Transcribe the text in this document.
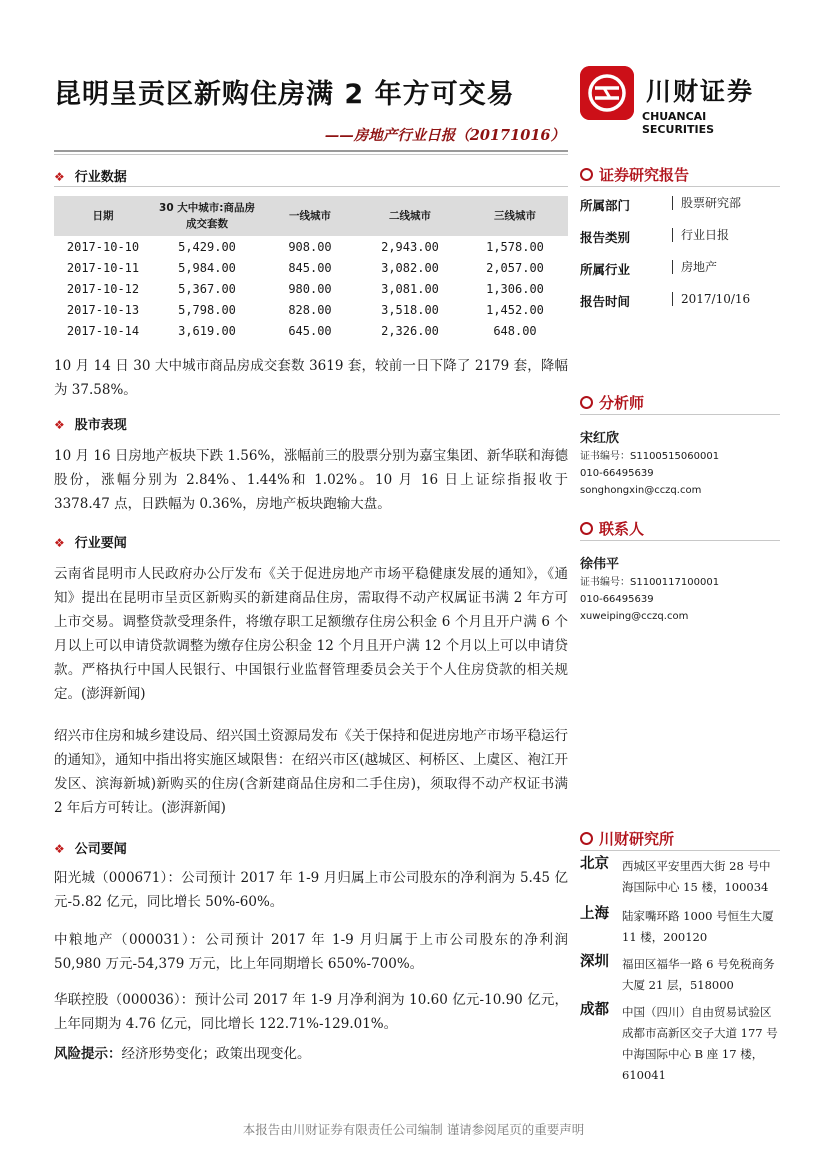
昆明呈贡区新购住房满 2 年方可交易
——房地产行业日报（20171016）
川财证券
CHUANCAI SECURITIES
❖ 行业数据
日期	30 大中城市:商品房成交套数	一线城市	二线城市	三线城市
2017-10-10	5,429.00	908.00	2,943.00	1,578.00
2017-10-11	5,984.00	845.00	3,082.00	2,057.00
2017-10-12	5,367.00	980.00	3,081.00	1,306.00
2017-10-13	5,798.00	828.00	3,518.00	1,452.00
2017-10-14	3,619.00	645.00	2,326.00	648.00
10 月 14 日 30 大中城市商品房成交套数 3619 套，较前一日下降了 2179 套，降幅为 37.58%。
❖ 股市表现
10 月 16 日房地产板块下跌 1.56%，涨幅前三的股票分别为嘉宝集团、新华联和海德股份，涨幅分别为 2.84%、1.44%和 1.02%。10 月 16 日上证综指报收于 3378.47 点，日跌幅为 0.36%，房地产板块跑输大盘。
❖ 行业要闻
云南省昆明市人民政府办公厅发布《关于促进房地产市场平稳健康发展的通知》，《通知》提出在昆明市呈贡区新购买的新建商品住房，需取得不动产权属证书满 2 年方可上市交易。调整贷款受理条件，将缴存职工足额缴存住房公积金 6 个月且开户满 6 个月以上可以申请贷款调整为缴存住房公积金 12 个月且开户满 12 个月以上可以申请贷款。严格执行中国人民银行、中国银行业监督管理委员会关于个人住房贷款的相关规定。(澎湃新闻)
绍兴市住房和城乡建设局、绍兴国土资源局发布《关于保持和促进房地产市场平稳运行的通知》，通知中指出将实施区域限售：在绍兴市区(越城区、柯桥区、上虞区、袍江开发区、滨海新城)新购买的住房(含新建商品住房和二手住房)，须取得不动产权证书满 2 年后方可转让。(澎湃新闻)
❖ 公司要闻
阳光城（000671）：公司预计 2017 年 1-9 月归属上市公司股东的净利润为 5.45 亿元-5.82 亿元，同比增长 50%-60%。
中粮地产（000031）：公司预计 2017 年 1-9 月归属于上市公司股东的净利润 50,980 万元-54,379 万元，比上年同期增长 650%-700%。
华联控股（000036）：预计公司 2017 年 1-9 月净利润为 10.60 亿元-10.90 亿元，上年同期为 4.76 亿元，同比增长 122.71%-129.01%。
风险提示：经济形势变化；政策出现变化。
证券研究报告
所属部门	股票研究部
报告类别	行业日报
所属行业	房地产
报告时间	2017/10/16
分析师
宋红欣
证书编号：S1100515060001
010-66495639
songhongxin@cczq.com
联系人
徐伟平
证书编号：S1100117100001
010-66495639
xuweiping@cczq.com
川财研究所
北京 西城区平安里西大街 28 号中海国际中心 15 楼，100034
上海 陆家嘴环路 1000 号恒生大厦 11 楼，200120
深圳 福田区福华一路 6 号免税商务大厦 21 层，518000
成都 中国（四川）自由贸易试验区成都市高新区交子大道 177 号中海国际中心 B 座 17 楼，610041
本报告由川财证券有限责任公司编制 谨请参阅尾页的重要声明
